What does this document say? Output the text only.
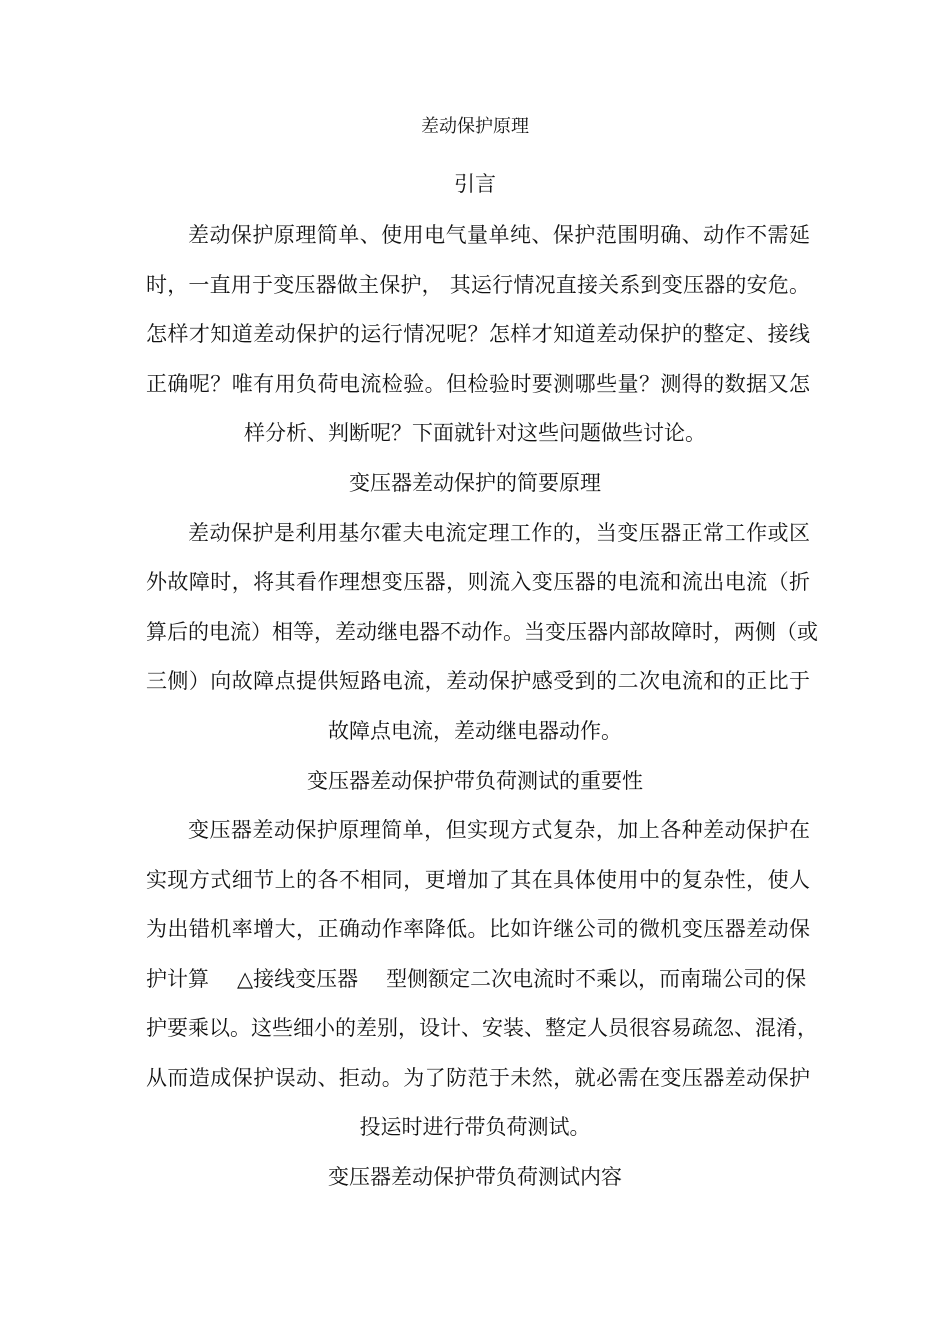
差动保护原理
引言
差动保护原理简单、使用电气量单纯、保护范围明确、动作不需延
时，一直用于变压器做主保护， 其运行情况直接关系到变压器的安危。
怎样才知道差动保护的运行情况呢？怎样才知道差动保护的整定、接线
正确呢？唯有用负荷电流检验。但检验时要测哪些量？测得的数据又怎
样分析、判断呢？下面就针对这些问题做些讨论。
变压器差动保护的简要原理
差动保护是利用基尔霍夫电流定理工作的，当变压器正常工作或区
外故障时，将其看作理想变压器，则流入变压器的电流和流出电流（折
算后的电流）相等，差动继电器不动作。当变压器内部故障时，两侧（或
三侧）向故障点提供短路电流，差动保护感受到的二次电流和的正比于
故障点电流，差动继电器动作。
变压器差动保护带负荷测试的重要性
变压器差动保护原理简单，但实现方式复杂，加上各种差动保护在
实现方式细节上的各不相同，更增加了其在具体使用中的复杂性，使人
为出错机率增大，正确动作率降低。比如许继公司的微机变压器差动保
护计算 △接线变压器 型侧额定二次电流时不乘以，而南瑞公司的保
护要乘以。这些细小的差别，设计、安装、整定人员很容易疏忽、混淆，
从而造成保护误动、拒动。为了防范于未然，就必需在变压器差动保护
投运时进行带负荷测试。
变压器差动保护带负荷测试内容
